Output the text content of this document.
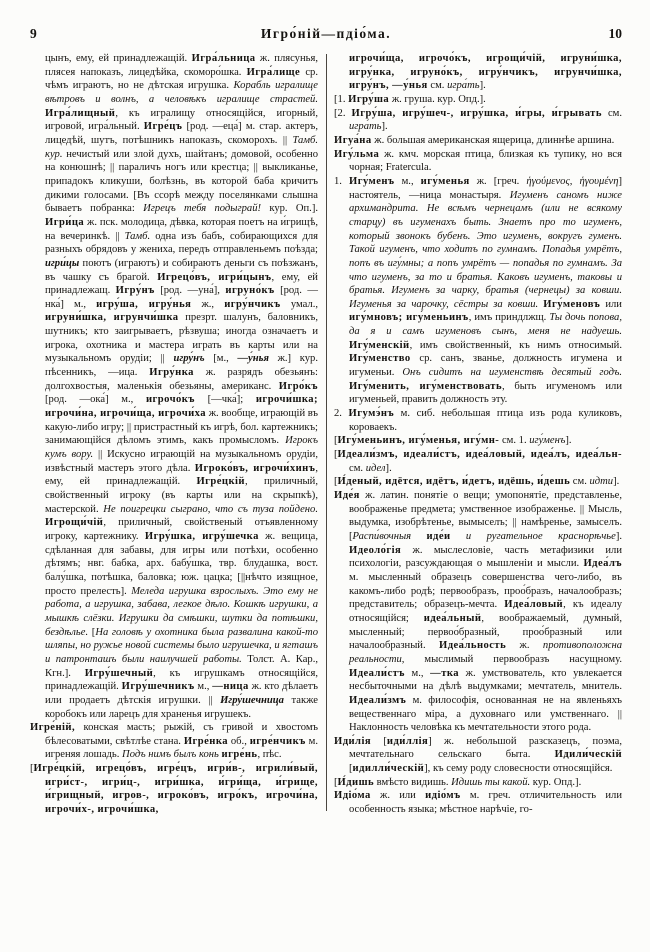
9	Игро́ній—пдіо́ма.	10

цынъ, ему, ей принадлежащій. Игра́льница ж. плясунья, плясея напоказъ, лицедѣйка, скоморо́шка. Игра́лище ср. чѣмъ играютъ, но не дѣтская игрушка. Корабль игралище вѣтровъ и волнъ, а человѣкъ игралище страстей. Игра́лищный, къ игралищу относящійся, игорный, игровой, игра́льный. Игре́цъ [род. —еца́] м. стар. актеръ, лицедѣй, шутъ, потѣшникъ напоказъ, скоморохъ. || Тамб. кур. нечистый или злой духъ, шайтанъ; домовой, особенно на конюшнѣ; || параличъ ногъ или крестца; || выкликанье, припадокъ кликуши, болѣзнь, въ которой баба кричитъ дикими голосами. [Въ ссорѣ между поселянками слышна бываетъ побранка: Игрецъ тебя подыграй! кур. Оп.]. Игри́ца ж. пск. молодица, дѣвка, которая поетъ на и́грищѣ, на вечеринкѣ. || Тамб. одна изъ бабъ, собирающихся для разныхъ обрядовъ у жениха, передъ отправленьемъ поѣзда; игри́цы поютъ (играютъ) и собираютъ деньги съ поѣзжанъ, въ чашку съ брагой. Игрецо́въ, игри́цынъ, ему, ей принадлежащ. Игру́нъ [род. —уна́], игруно́къ [род. —нка́] м., игру́ша, игру́нья ж., игру́нчикъ умал., игруни́шка, игрунчи́шка презрт. шалунъ, баловникъ, шутникъ; кто заигрываетъ, рѣзвуша; иногда означаетъ и игрока, охотника и мастера играть въ карты или на музыкальномъ орудіи; || игру́нъ [м., —у́нья ж.] кур. пѣсенникъ, —ица. Игру́нка ж. разрядъ обезьянъ: долгохвостыя, маленькія обезьяны, американс. Игро́къ [род. —ока́] м., игрочо́къ [—чка́]; игрочи́шка; игрочи́на, игрочи́ща, игрочи́ха ж. вообще, играющій въ какую-либо игру; || пристрастный къ игрѣ, бол. картежникъ; занимающійся дѣломъ этимъ, какъ промысломъ. Игрокъ кумъ вору. || Искусно играющій на музыкальномъ орудіи, извѣстный мастеръ этого дѣла. Игроко́въ, игрочи́хинъ, ему, ей принадлежащій. Игре́цкій, приличный, свойственный игроку (въ карты или на скрыпкѣ), мастерской. Не поигрецки сыграно, что съ туза пойдено. Игрощи́чій, приличный, свойственый отъявленному игроку, картежнику. Игру́шка, игру́шечка ж. вещица, сдѣланная для забавы, для игры или потѣхи, особенно дѣтямъ; нвг. бабка, арх. бабу́шка, твр. блудашка, вост. балу́шка, потѣшка, баловка; юж. цацка; [||нѣчто изящное, просто прелесть]. Меледа игрушка взрослыхъ. Это ему не работа, а игрушка, забава, легкое дѣло. Кошкѣ игрушки, а мышкѣ слёзки. Игрушки да смѣшки, шутки да потѣшки, бездѣлье. [На головѣ у охотника была развалина какой-то шляпы, но ружье новой системы было игрушечка, и ягташъ и патронташъ были наилучшей работы. Толст. А. Кар., Кгн.]. Игру́шечный, къ игрушкамъ относящійся, принадлежащій. Игру́шечникъ м., —ница ж. кто дѣлаетъ или продаетъ дѣтскія игрушки. || Игру́шечница также коробокъ или ларецъ для храненья игрушекъ.

Игре́ній, конская масть; рыжій, съ гривой и хвостомъ бѣлесоватыми, свѣтлѣе стана. Игре́нка об., игре́нчикъ м. игреняя лошадь. Подъ нимъ былъ конь игре́нь, пѣс.

[Игре́цкій, игрецо́въ, игре́цъ, игри́в-, игрили́вый, игри́ст-, игри́ц-, игри́шка, и́гри́ща, и́грище, и́грищный, игров-, игроко́въ, игро́къ, игрочи́на, игрочи́х-, игрочи́шка,

игрочи́ща, игрочо́къ, игрощи́чій, игруни́шка, игру́нка, игруно́къ, игру́нчикъ, игрунчи́шка, игру́нъ, —у́нья см. игра́ть].

[1. Игру́ша ж. груша. кур. Опд.].

[2. Игру́ша, игру́шеч-, игру́шка, и́гры, и́грывать см. игра́ть].

Игуа́на ж. большая американская ящерица, длиннѣе аршина.

Игу́льма ж. кмч. морская птица, близкая къ тупику, но вся чорная; Fratercula.

1. Игу́менъ м., игу́менья ж. [греч. ἡγούμενος, ἡγουμένη] настоятель, —ница монастыря. Игуменъ саномъ ниже архимандрита. Не всѣмъ чернецамъ (или не всякому старцу) въ игуменахъ быть. Знаетъ про то игуменъ, который звонокъ бубенъ. Это игуменъ, вокругъ гуменъ. Такой игуменъ, что ходитъ по гумнамъ. Попадья умрётъ, попъ въ игу́мны; а попъ умрётъ — попадья по гумнамъ. За что игуменъ, за то и братья. Каковъ игуменъ, таковы и братья. Игуменъ за чарку, братья (чернецы) за ковши. Игуменья за чарочку, сёстры за ковши. Игу́меновъ или игу́мновъ; игу́меньинъ, имъ приндлжщ. Ты дочь попова, да я и самъ игуменовъ сынъ, меня не надуешь. Игу́менскій, имъ свойственный, къ нимъ относимый. Игу́менство ср. санъ, званье, должность игумена и игуменьи. Онъ сидитъ на игуменствѣ десятый годъ. Игу́менить, игу́менствовать, быть игуменомъ или игуменьей, править должность эту.

2. Игумэ́нъ м. сиб. небольшая птица изъ рода куликовъ, короваекъ.

[Игу́меньинъ, игу́менья, игу́мн- см. 1. игу́менъ].

[Идеали́змъ, идеали́стъ, идеа́ловый, идеа́лъ, идеа́льн- см. идел].

[И́деный, идётся, идётъ, и́детъ, идёшь, и́дешь см. идти].

Иде́я ж. латин. понятіе о вещи; умопонятіе, представленье, воображенье предмета; умственное изображенье. || Мысль, выдумка, изобрѣтенье, вымыселъ; || намѣренье, замыселъ. [Распи́вочныя иде́и и ругательное краснорѣчье]. Идеоло́гія ж. мыслесловіе, часть метафизики или психологіи, разсуждающая о мышленіи и мысли. Идеа́лъ м. мысленный образецъ совершенства чего-либо, въ какомъ-либо родѣ; первообразъ, проо́бразъ, началообразъ; представитель; образецъ-мечта. Идеа́ловый, къ идеалу относящійся; идеа́льный, воображаемый, думный, мысленный; первоо́бразный, проо́бразный или началообразный. Идеа́льность ж. противоположна реальности, мыслимый первообразъ насущному. Идеали́стъ м., —тка ж. умствователь, кто увлекается несбыточными на дѣлѣ выдумками; мечтатель, мнитель. Идеали́змъ м. философія, основанная не на явленьяхъ вещественнаго міра, а духовнаго или умственнаго. || Наклонность человѣка къ мечтательности этого рода.

Иди́лія [иди́ллія] ж. небольшой разсказецъ, поэма, мечтательнаго сельскаго быта. Идили́ческій [идилли́ческій], къ сему роду словесности относящійся.

[И́дишь вмѣсто видишь. Идишь ты какой. кур. Опд.].

Идіо́ма ж. или идіо́мъ м. греч. отличительность или особенность языка; мѣстное нарѣчіе, го-
